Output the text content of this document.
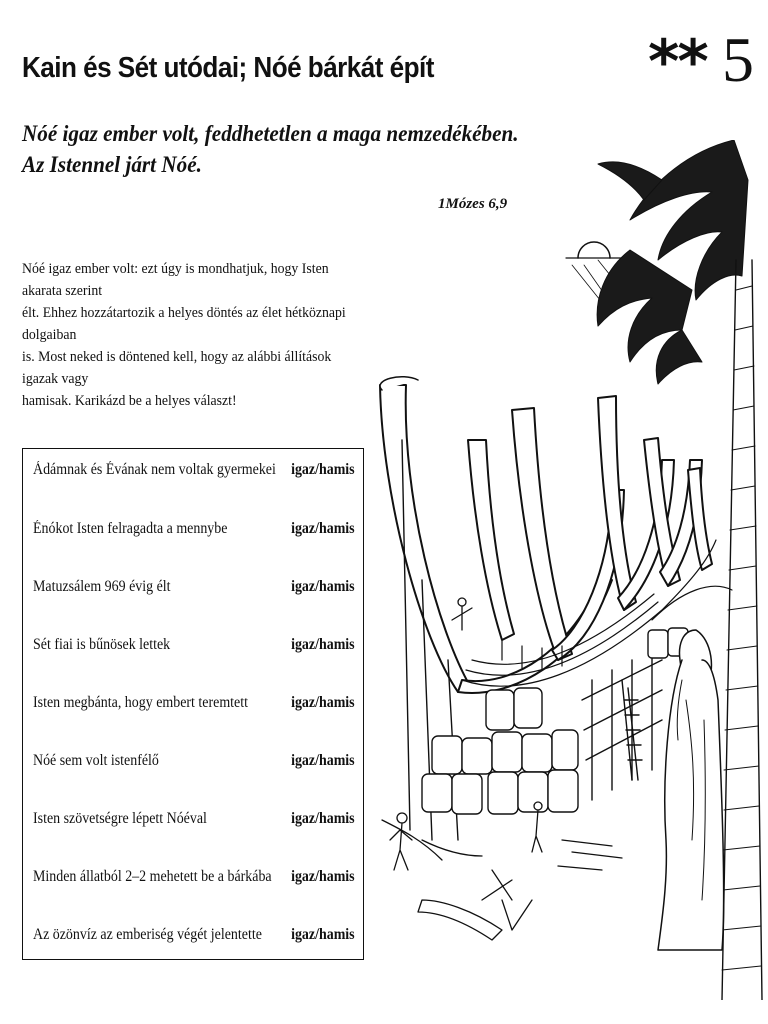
Kain és Sét utódai; Nóé bárkát épít	** 5
Nóé igaz ember volt, feddhetetlen a maga nemzedékében.
Az Istennel járt Nóé.
1Mózes 6,9
Nóé igaz ember volt: ezt úgy is mondhatjuk, hogy Isten akarata szerint
élt. Ehhez hozzátartozik a helyes döntés az élet hétköznapi dolgaiban
is. Most neked is döntened kell, hogy az alábbi állítások igazak vagy
hamisak. Karikázd be a helyes választ!
Ádámnak és Évának nem voltak gyermekei igaz/hamis
Énókot Isten felragadta a mennybe	igaz/hamis
Matuzsálem 969 évig élt	igaz/hamis
Sét fiai is bűnösek lettek	igaz/hamis
Isten megbánta, hogy embert teremtett	igaz/hamis
Nóé sem volt istenfélő	igaz/hamis
Isten szövetségre lépett Nóéval	igaz/hamis
Minden állatból 2–2 mehetett be a bárkába igaz/hamis
Az özönvíz az emberiség végét jelentette igaz/hamis
